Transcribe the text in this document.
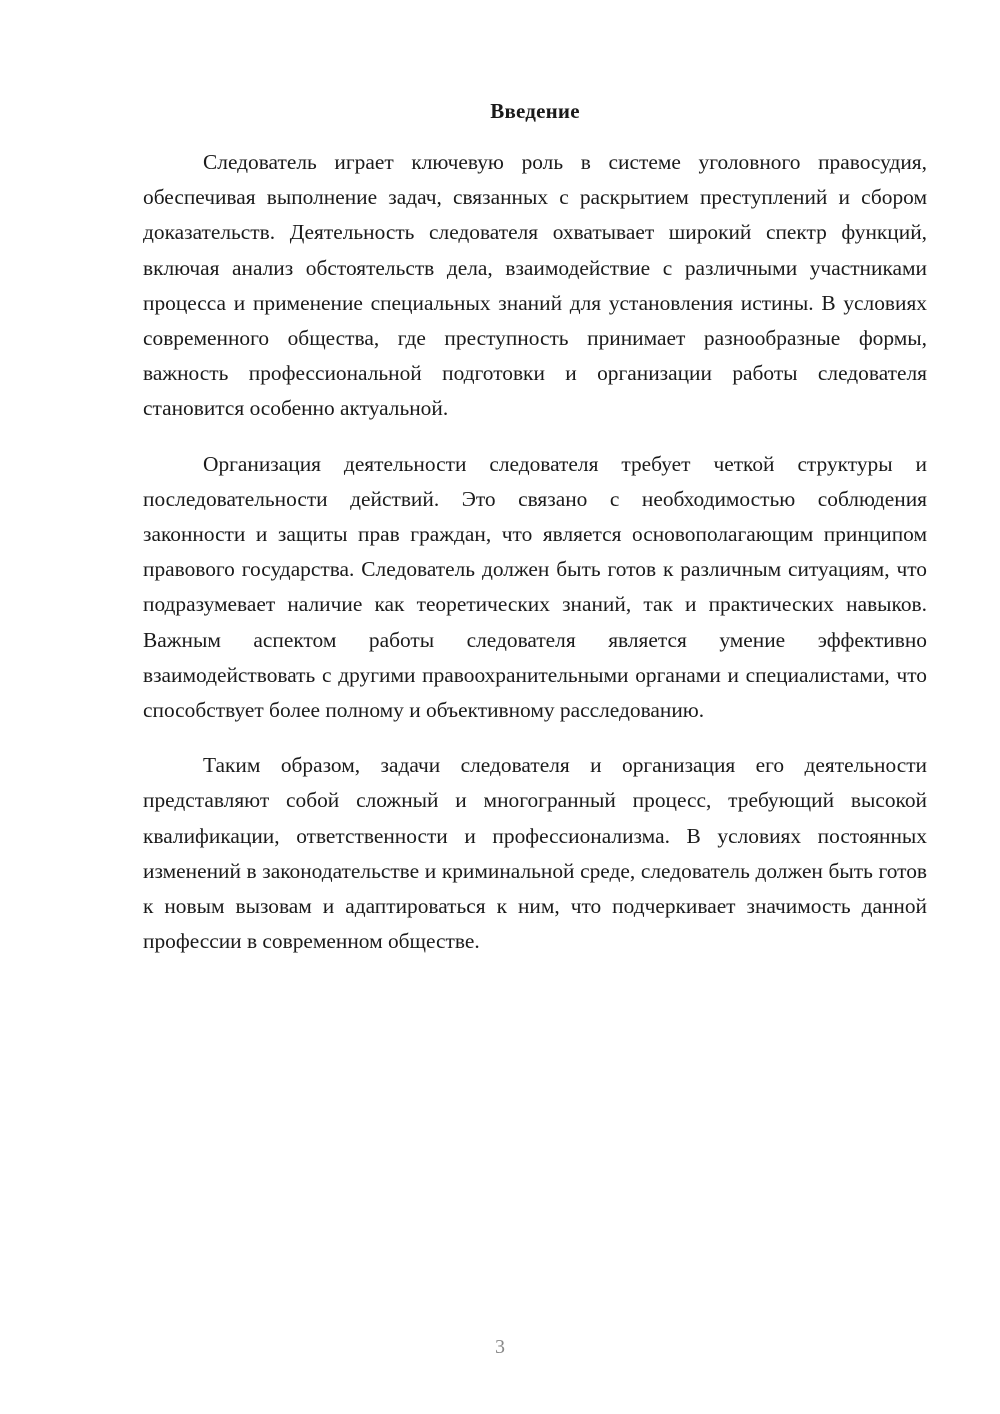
Введение

Следователь играет ключевую роль в системе уголовного правосудия, обеспечивая выполнение задач, связанных с раскрытием преступлений и сбором доказательств. Деятельность следователя охватывает широкий спектр функций, включая анализ обстоятельств дела, взаимодействие с различными участниками процесса и применение специальных знаний для установления истины. В условиях современного общества, где преступность принимает разнообразные формы, важность профессиональной подготовки и организации работы следователя становится особенно актуальной.

Организация деятельности следователя требует четкой структуры и последовательности действий. Это связано с необходимостью соблюдения законности и защиты прав граждан, что является основополагающим принципом правового государства. Следователь должен быть готов к различным ситуациям, что подразумевает наличие как теоретических знаний, так и практических навыков. Важным аспектом работы следователя является умение эффективно взаимодействовать с другими правоохранительными органами и специалистами, что способствует более полному и объективному расследованию.

Таким образом, задачи следователя и организация его деятельности представляют собой сложный и многогранный процесс, требующий высокой квалификации, ответственности и профессионализма. В условиях постоянных изменений в законодательстве и криминальной среде, следователь должен быть готов к новым вызовам и адаптироваться к ним, что подчеркивает значимость данной профессии в современном обществе.

3
